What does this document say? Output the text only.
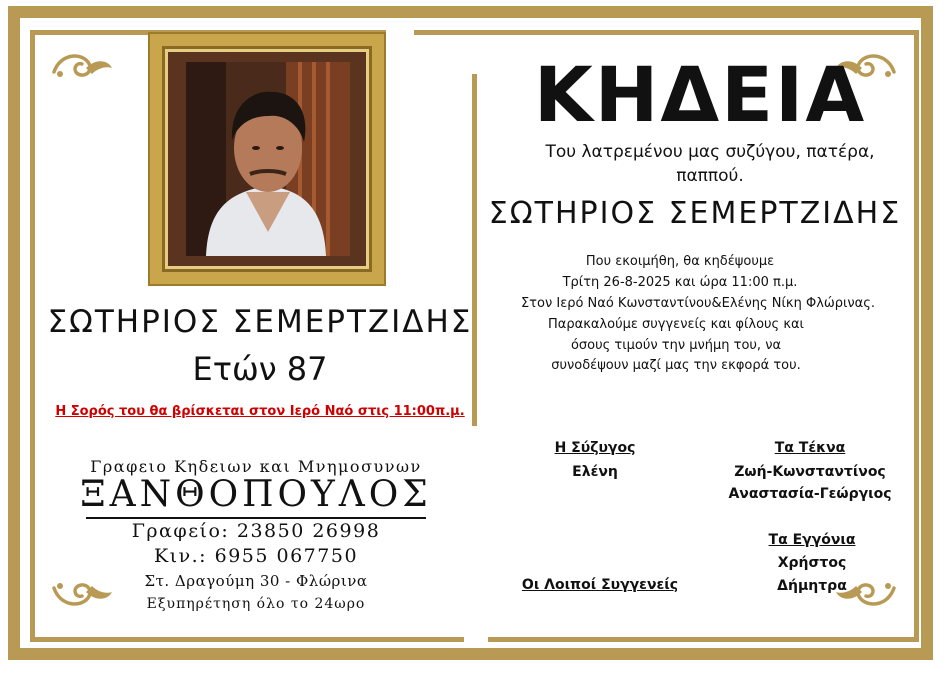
ΣΩΤΗΡΙΟΣ ΣΕΜΕΡΤΖΙΔΗΣ
Ετών 87
Η Σορός του θα βρίσκεται στον Ιερό Ναό στις 11:00π.μ.
Γραφειο Κηδειων και Μνημοσυνων
ΞΑΝΘΟΠΟΥΛΟΣ
Γραφείο: 23850 26998
Κιν.: 6955 067750
Στ. Δραγούμη 30 - Φλώρινα
Εξυπηρέτηση όλο το 24ωρο
ΚΗΔΕΙΑ
Του λατρεμένου μας συζύγου, πατέρα,
παππού.
ΣΩΤΗΡΙΟΣ ΣΕΜΕΡΤΖΙΔΗΣ
Που εκοιμήθη, θα κηδέψουμε
Τρίτη 26-8-2025 και ώρα 11:00 π.μ.
Στον Ιερό Ναό Κωνσταντίνου&Ελένης Νίκη Φλώρινας.
Παρακαλούμε συγγενείς και φίλους και
όσους τιμούν την μνήμη του, να
συνοδέψουν μαζί μας την εκφορά του.
Η Σύζυγος
Ελένη
Τα Τέκνα
Ζωή-Κωνσταντίνος
Αναστασία-Γεώργιος
Τα Εγγόνια
Χρήστος
Δήμητρα
Οι Λοιποί Συγγενείς
